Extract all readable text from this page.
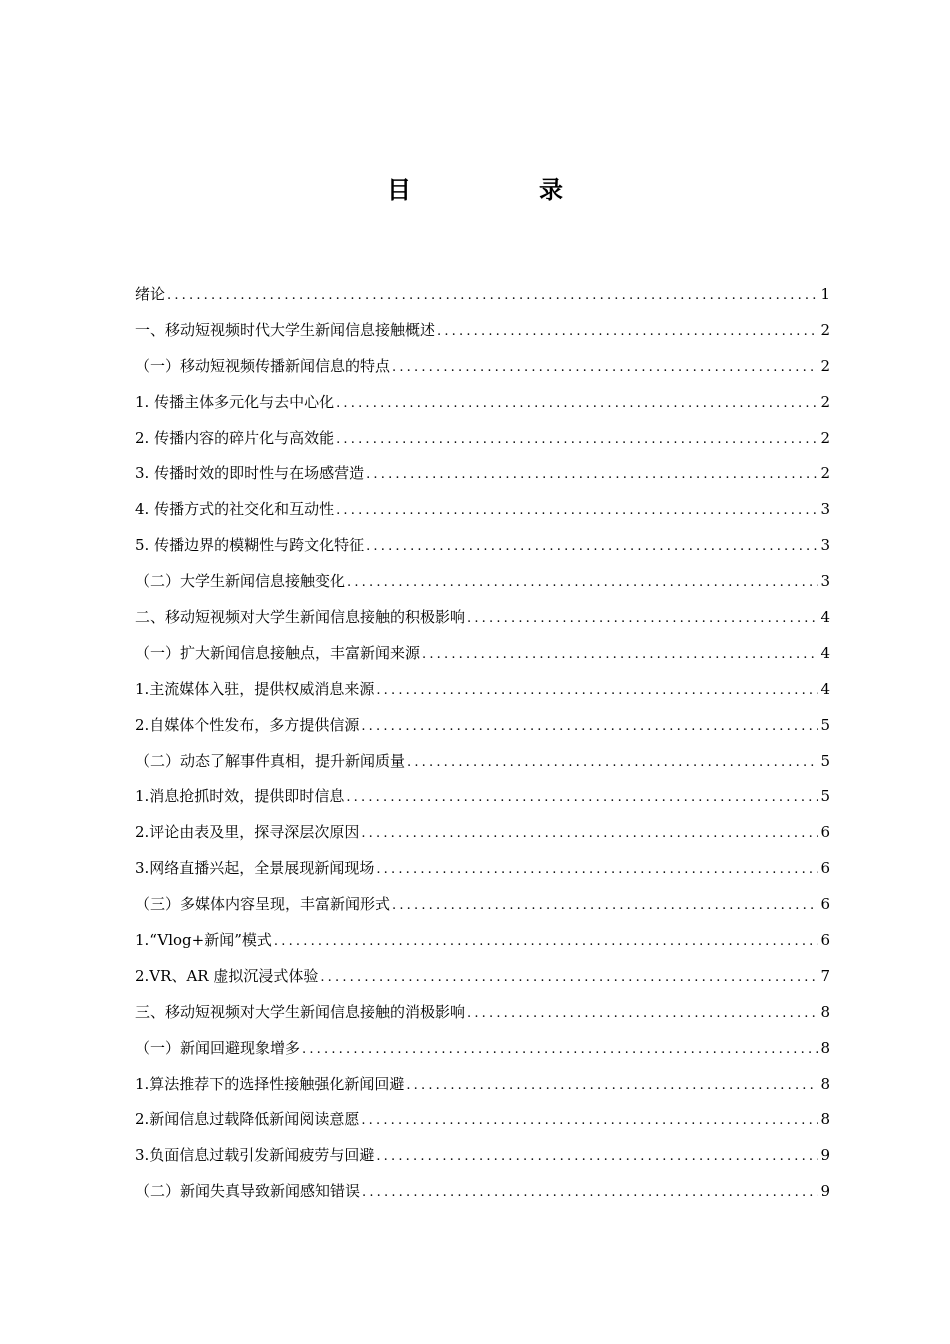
目　录
绪论 .....	1
一、移动短视频时代大学生新闻信息接触概述 .....	2
（一）移动短视频传播新闻信息的特点 .....	2
1. 传播主体多元化与去中心化 .....	2
2. 传播内容的碎片化与高效能 .....	2
3. 传播时效的即时性与在场感营造 .....	2
4. 传播方式的社交化和互动性 .....	3
5. 传播边界的模糊性与跨文化特征 .....	3
（二）大学生新闻信息接触变化 .....	3
二、移动短视频对大学生新闻信息接触的积极影响 .....	4
（一）扩大新闻信息接触点，丰富新闻来源 .....	4
1.主流媒体入驻，提供权威消息来源 .....	4
2.自媒体个性发布，多方提供信源 .....	5
（二）动态了解事件真相，提升新闻质量 .....	5
1.消息抢抓时效，提供即时信息 .....	5
2.评论由表及里，探寻深层次原因 .....	6
3.网络直播兴起，全景展现新闻现场 .....	6
（三）多媒体内容呈现，丰富新闻形式 .....	6
1.“Vlog+新闻”模式 .....	6
2.VR、AR 虚拟沉浸式体验 .....	7
三、移动短视频对大学生新闻信息接触的消极影响 .....	8
（一）新闻回避现象增多 .....	8
1.算法推荐下的选择性接触强化新闻回避 .....	8
2.新闻信息过载降低新闻阅读意愿 .....	8
3.负面信息过载引发新闻疲劳与回避 .....	9
（二）新闻失真导致新闻感知错误 .....	9
